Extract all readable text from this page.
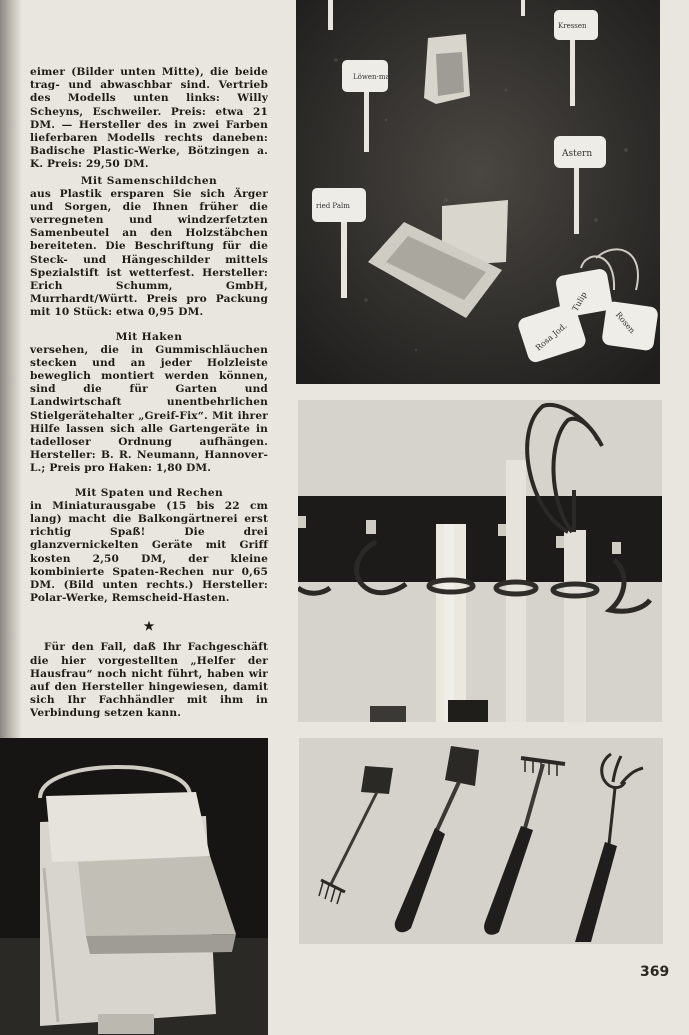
eimer (Bilder unten Mitte), die beide trag- und abwaschbar sind. Vertrieb des Modells unten links: Willy Scheyns, Eschweiler. Preis: etwa 21 DM. — Hersteller des in zwei Farben lieferbaren Modells rechts daneben: Badische Plastic-Werke, Bötzingen a. K. Preis: 29,50 DM.

Mit Samenschildchen

aus Plastik ersparen Sie sich Ärger und Sorgen, die Ihnen früher die verregneten und windzerfetzten Samenbeutel an den Holzstäbchen bereiteten. Die Beschriftung für die Steck- und Hängeschilder mittels Spezialstift ist wetterfest. Hersteller: Erich Schumm, GmbH, Murrhardt/Württ. Preis pro Packung mit 10 Stück: etwa 0,95 DM.

Mit Haken

versehen, die in Gummischläuchen stecken und an jeder Holzleiste beweglich montiert werden können, sind die für Garten und Landwirtschaft unentbehrlichen Stielgerätehalter „Greif-Fix“. Mit ihrer Hilfe lassen sich alle Gartengeräte in tadelloser Ordnung aufhängen. Hersteller: B. R. Neumann, Hannover-L.; Preis pro Haken: 1,80 DM.

Mit Spaten und Rechen

in Miniaturausgabe (15 bis 22 cm lang) macht die Balkongärtnerei erst richtig Spaß! Die drei glanzvernickelten Geräte mit Griff kosten 2,50 DM, der kleine kombinierte Spaten-Rechen nur 0,65 DM. (Bild unten rechts.) Hersteller: Polar-Werke, Remscheid-Hasten.

★

Für den Fall, daß Ihr Fachgeschäft die hier vorgestellten „Helfer der Hausfrau“ noch nicht führt, haben wir auf den Hersteller hingewiesen, damit sich Ihr Fachhändler mit ihm in Verbindung setzen kann.

Löwen-maul
Kressen
Astern
ried Palm
Tulip
Rosen
Rosa Jod.
369
